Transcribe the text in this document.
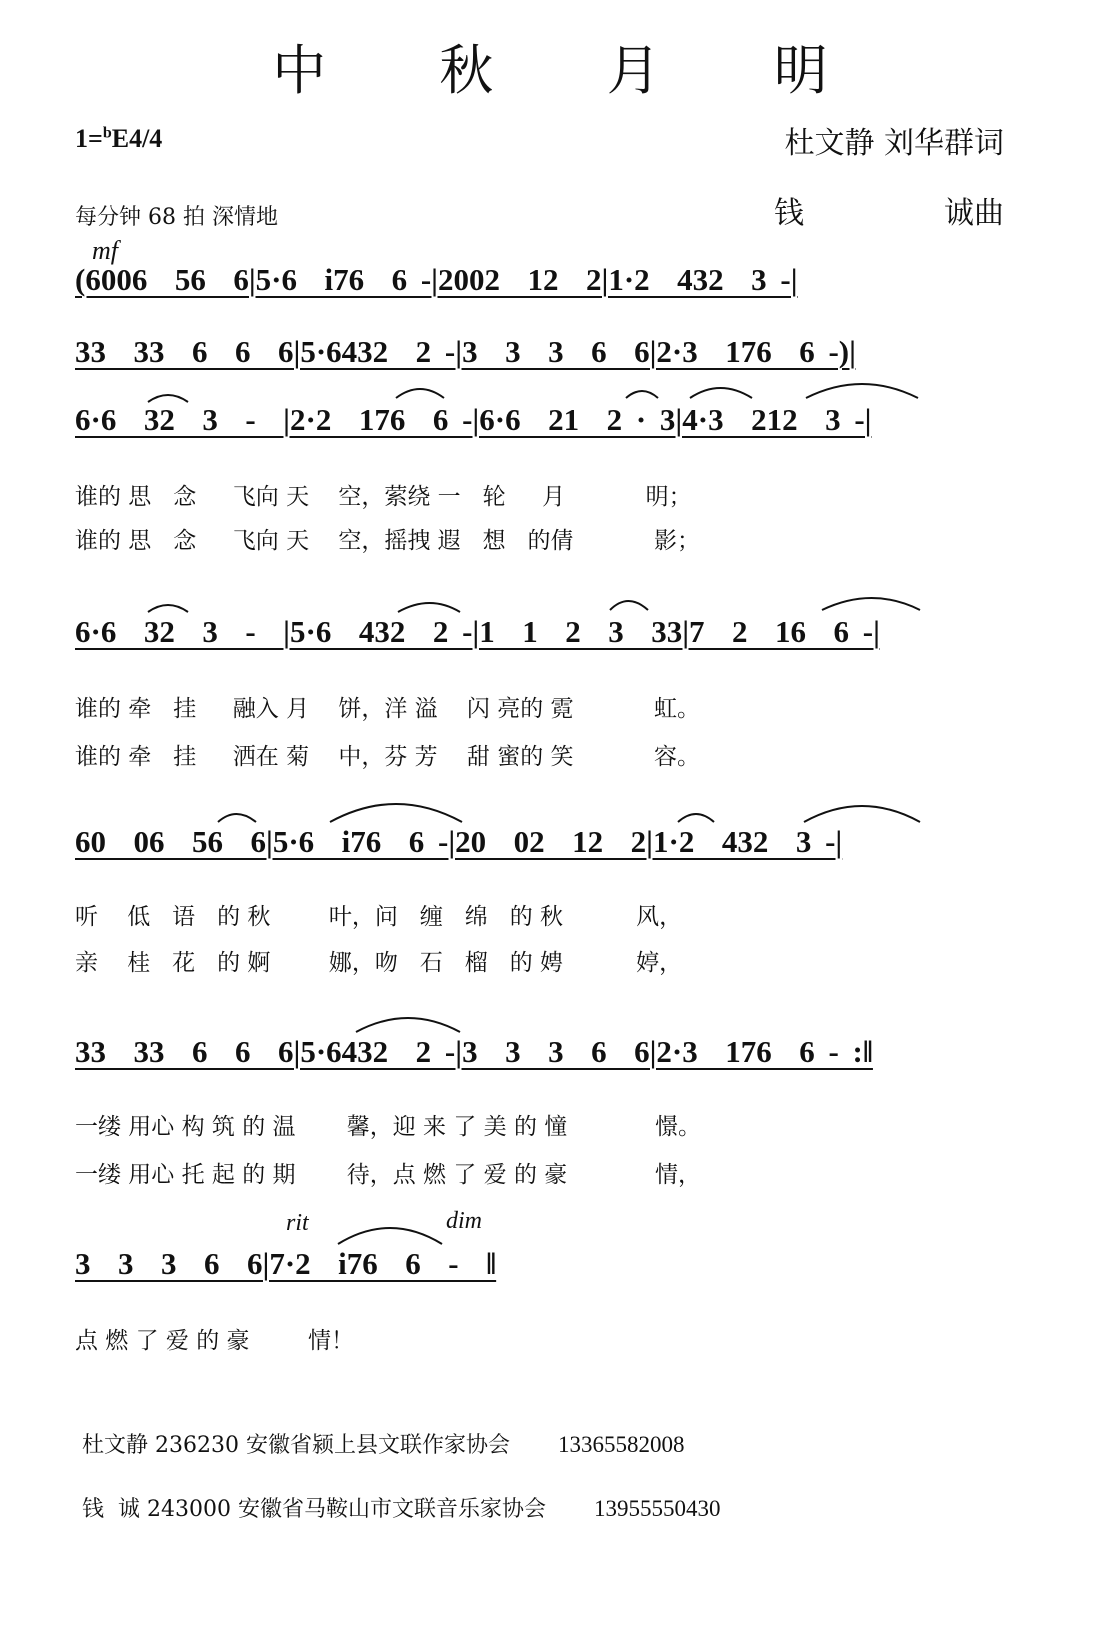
中 秋 月 明
1=$^b$E4/4	杜文静 刘华群词
钱	诚曲
每分钟 68 拍 深情地
mf
(6006  56  6|5·6  i76  6 -|2002  12  2|1·2  432  3 -|
33  33  6  6  6|5·6432  2 -|3  3  3  6  6|2·3  176  6 -)|
6·6  32  3  -  |2·2  176  6 -|6·6  21  2 · 3|4·3  212  3 -|
谁的 思   念     飞向 天    空，萦绕 一   轮     月           明；
谁的 思   念     飞向 天    空，摇拽 遐   想   的倩           影；
6·6  32  3  -  |5·6  432  2 -|1  1  2  3  33|7  2  16  6 -|
谁的 牵   挂     融入 月    饼，洋 溢    闪 亮的 霓           虹。
谁的 牵   挂     洒在 菊    中，芬 芳    甜 蜜的 笑           容。
60  06  56  6|5·6  i76  6 -|20  02  12  2|1·2  432  3 -|
听    低   语   的 秋        叶，问   缠   绵   的 秋          风，
亲    桂   花   的 婀        娜，吻   石   榴   的 娉          婷，
33  33  6  6  6|5·6432  2 -|3  3  3  6  6|2·3  176  6 - :‖
一缕 用心 构 筑 的 温       馨，迎 来 了 美 的 憧            憬。
一缕 用心 托 起 的 期       待，点 燃 了 爱 的 豪            情，
rit	dim
3  3  3  6  6|7·2  i76  6  -  ‖
点 燃 了 爱 的 豪        情！
杜文静 236230 安徽省颍上县文联作家协会 13365582008
钱  诚 243000 安徽省马鞍山市文联音乐家协会 13955550430
